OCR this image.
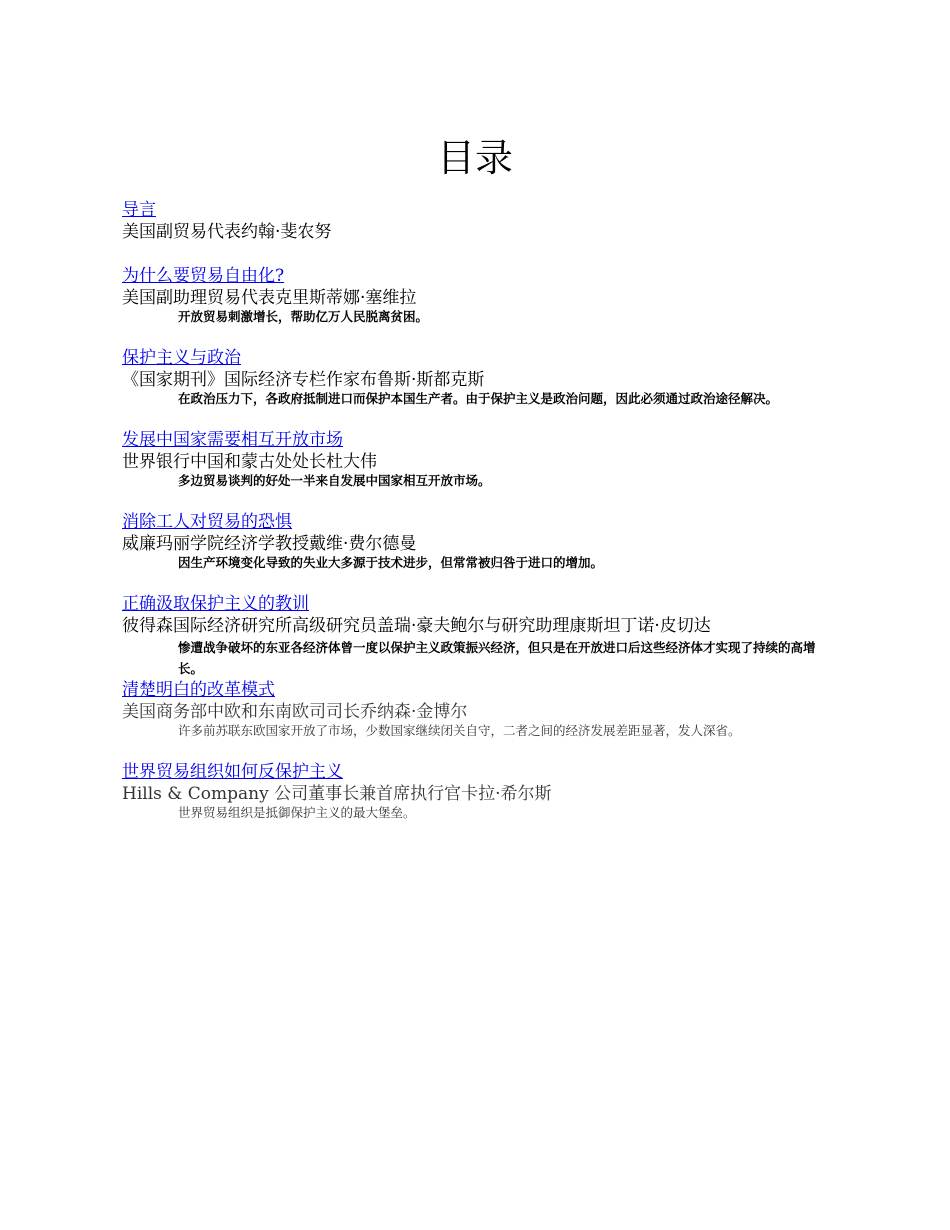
目录
导言
美国副贸易代表约翰·斐农努
为什么要贸易自由化?
美国副助理贸易代表克里斯蒂娜·塞维拉
开放贸易刺激增长，帮助亿万人民脱离贫困。
保护主义与政治
《国家期刊》国际经济专栏作家布鲁斯·斯都克斯
在政治压力下，各政府抵制进口而保护本国生产者。由于保护主义是政治问题，因此必须通过政治途径解决。
发展中国家需要相互开放市场
世界银行中国和蒙古处处长杜大伟
多边贸易谈判的好处一半来自发展中国家相互开放市场。
消除工人对贸易的恐惧
威廉玛丽学院经济学教授戴维·费尔德曼
因生产环境变化导致的失业大多源于技术进步，但常常被归咎于进口的增加。
正确汲取保护主义的教训
彼得森国际经济研究所高级研究员盖瑞·豪夫鲍尔与研究助理康斯坦丁诺·皮切达
惨遭战争破坏的东亚各经济体曾一度以保护主义政策振兴经济，但只是在开放进口后这些经济体才实现了持续的高增长。
清楚明白的改革模式
美国商务部中欧和东南欧司司长乔纳森·金博尔
许多前苏联东欧国家开放了市场，少数国家继续闭关自守，二者之间的经济发展差距显著，发人深省。
世界贸易组织如何反保护主义
Hills & Company 公司董事长兼首席执行官卡拉·希尔斯
世界贸易组织是抵御保护主义的最大堡垒。
